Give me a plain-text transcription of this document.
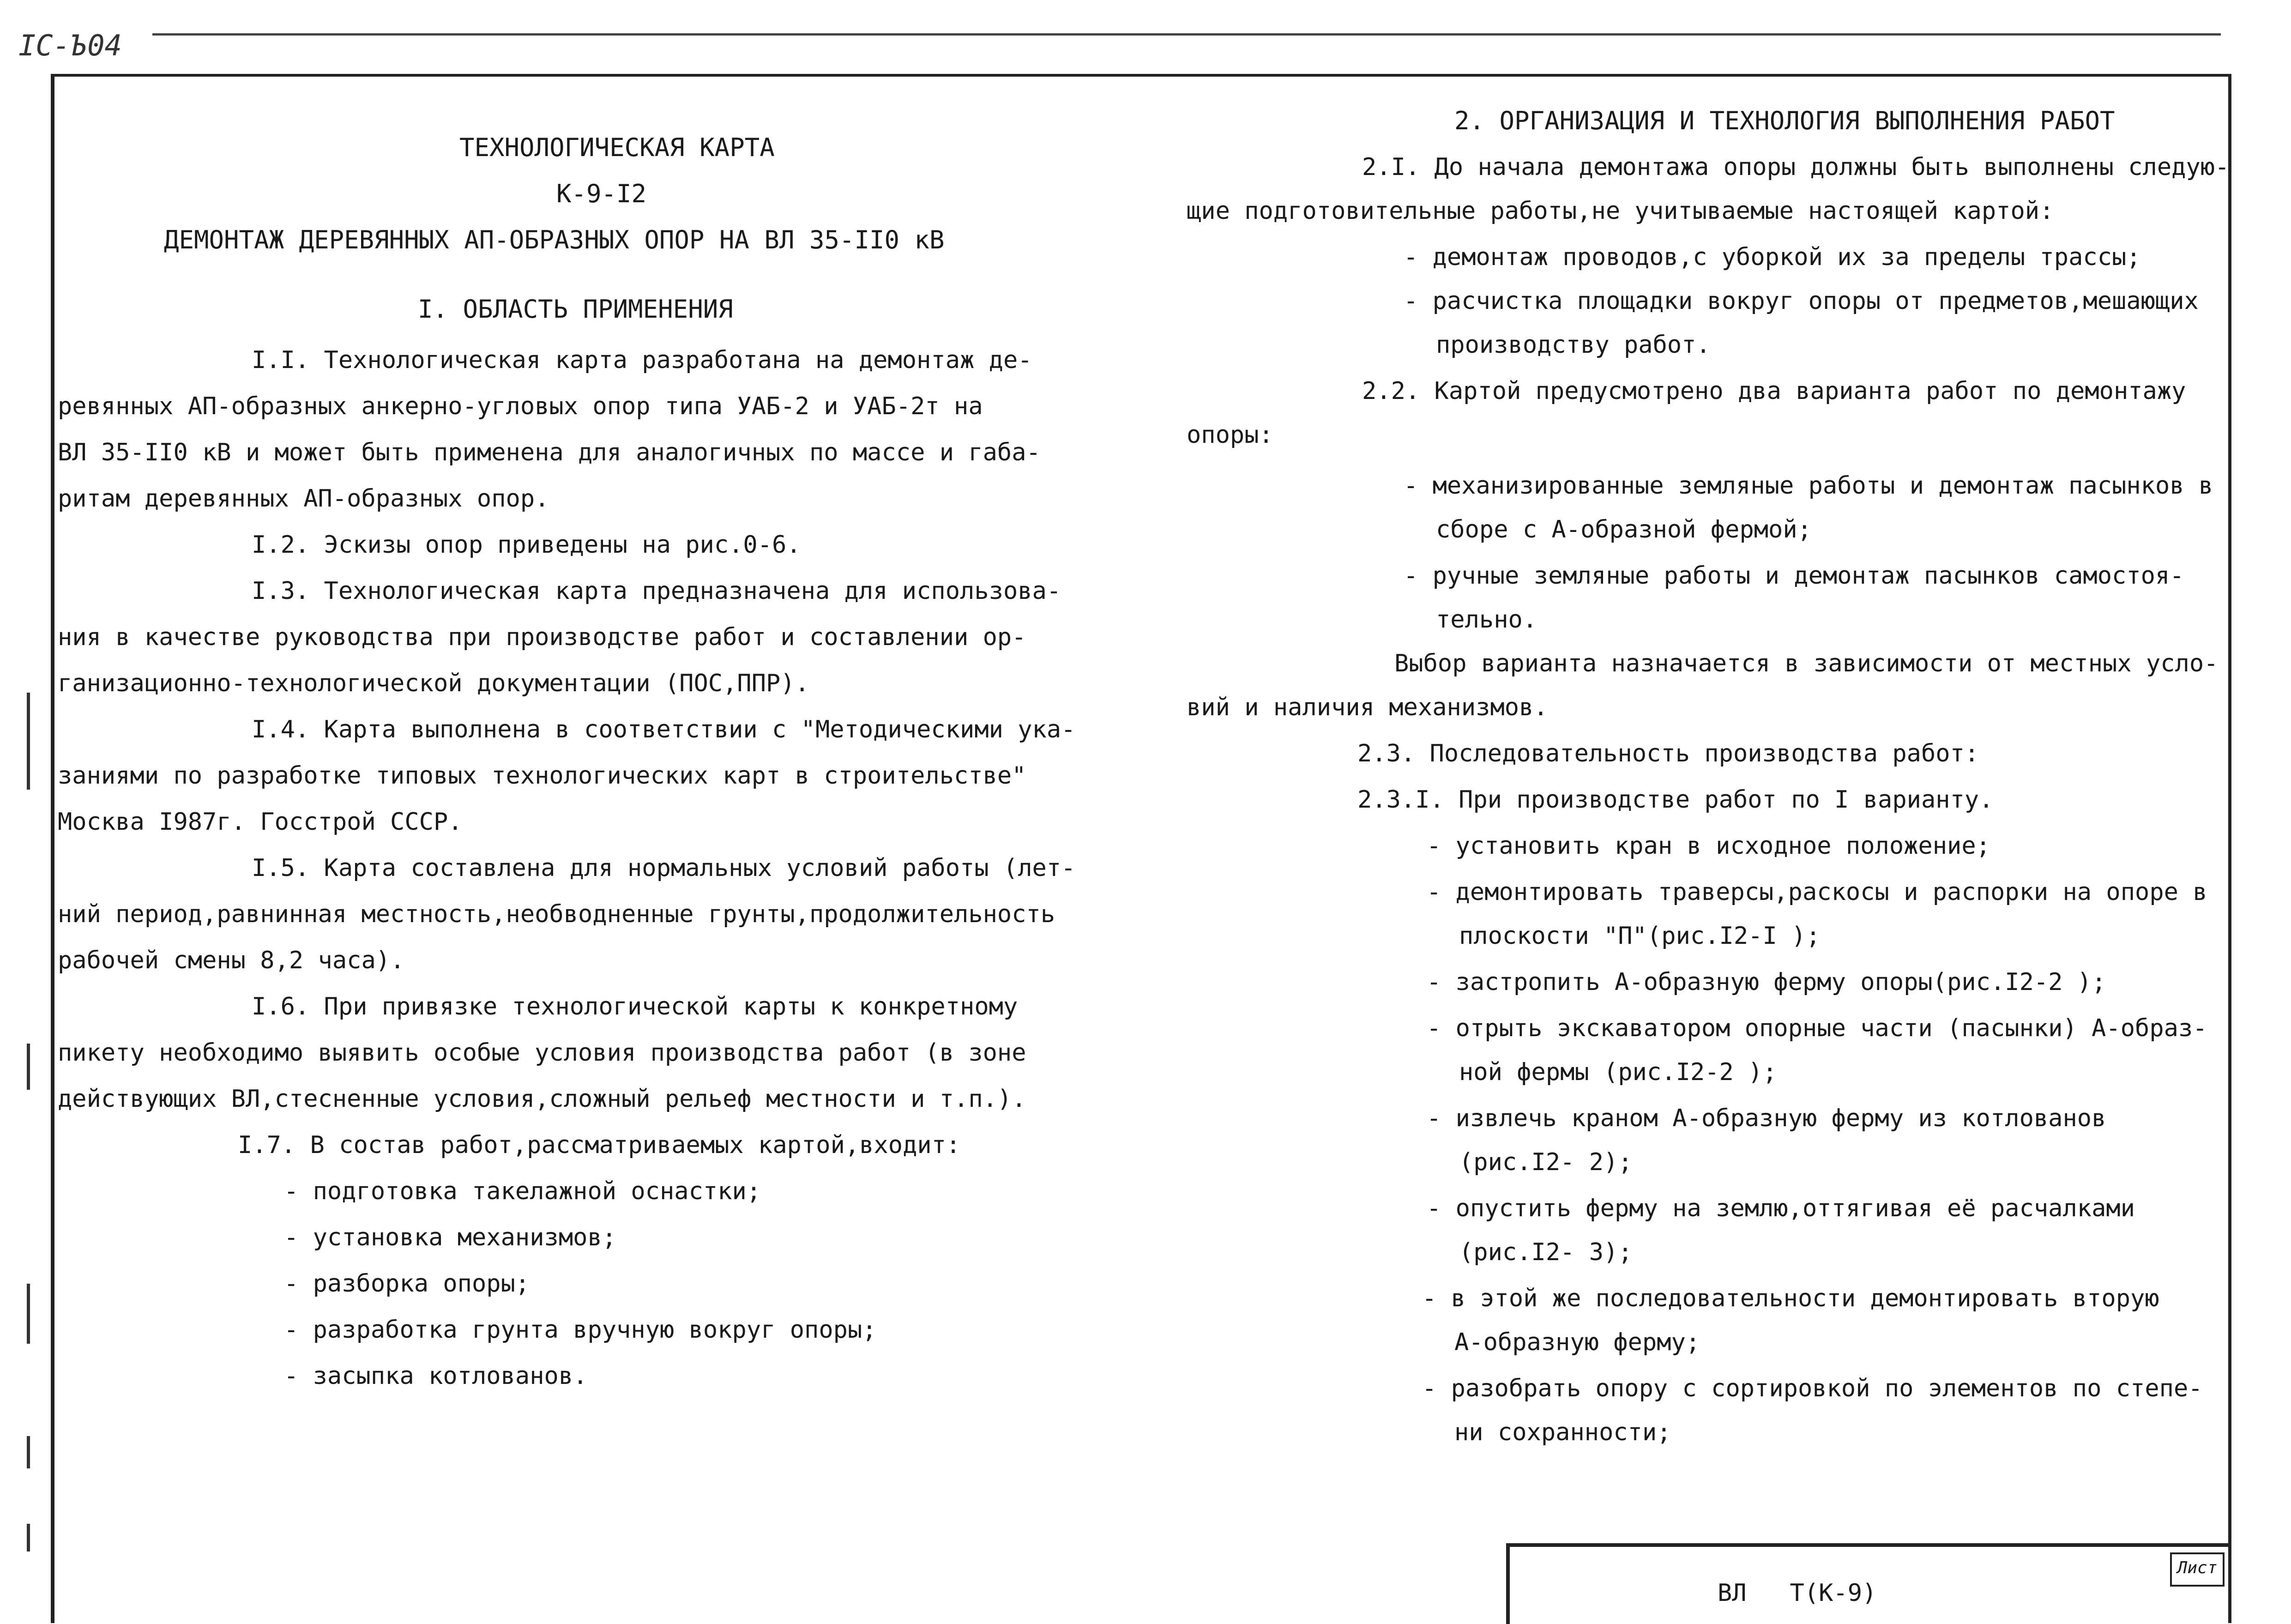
ІС-Ъ04
ТЕХНОЛОГИЧЕСКАЯ КАРТА
К-9-I2
ДЕМОНТАЖ ДЕРЕВЯННЫХ АП-ОБРАЗНЫХ ОПОР НА ВЛ 35-II0 кВ
I. ОБЛАСТЬ ПРИМЕНЕНИЯ
I.I. Технологическая карта разработана на демонтаж де-
ревянных АП-образных анкерно-угловых опор типа УАБ-2 и УАБ-2т на
ВЛ 35-II0 кВ и может быть применена для аналогичных по массе и габа-
ритам деревянных АП-образных опор.
I.2. Эскизы опор приведены на рис.0-6.
I.3. Технологическая карта предназначена для использова-
ния в качестве руководства при производстве работ и составлении ор-
ганизационно-технологической документации (ПОС,ППР).
I.4. Карта выполнена в соответствии с "Методическими ука-
заниями по разработке типовых технологических карт в строительстве"
Москва I987г. Госстрой СССР.
I.5. Карта составлена для нормальных условий работы (лет-
ний период,равнинная местность,необводненные грунты,продолжительность
рабочей смены 8,2 часа).
I.6. При привязке технологической карты к конкретному
пикету необходимо выявить особые условия производства работ (в зоне
действующих ВЛ,стесненные условия,сложный рельеф местности и т.п.).
I.7. В состав работ,рассматриваемых картой,входит:
- подготовка такелажной оснастки;
- установка механизмов;
- разборка опоры;
- разработка грунта вручную вокруг опоры;
- засыпка котлованов.
2. ОРГАНИЗАЦИЯ И ТЕХНОЛОГИЯ ВЫПОЛНЕНИЯ РАБОТ
2.I. До начала демонтажа опоры должны быть выполнены следую-
щие подготовительные работы,не учитываемые настоящей картой:
- демонтаж проводов,с уборкой их за пределы трассы;
- расчистка площадки вокруг опоры от предметов,мешающих
производству работ.
2.2. Картой предусмотрено два варианта работ по демонтажу
опоры:
- механизированные земляные работы и демонтаж пасынков в
сборе с А-образной фермой;
- ручные земляные работы и демонтаж пасынков самостоя-
тельно.
Выбор варианта назначается в зависимости от местных усло-
вий и наличия механизмов.
2.3. Последовательность производства работ:
2.3.I. При производстве работ по I варианту.
- установить кран в исходное положение;
- демонтировать траверсы,раскосы и распорки на опоре в
плоскости "П"(рис.I2-I );
- застропить А-образную ферму опоры(рис.I2-2 );
- отрыть экскаватором опорные части (пасынки) А-образ-
ной фермы (рис.I2-2 );
- извлечь краном А-образную ферму из котлованов
(рис.I2- 2);
- опустить ферму на землю,оттягивая её расчалками
(рис.I2- 3);
- в этой же последовательности демонтировать вторую
А-образную ферму;
- разобрать опору с сортировкой по элементов по степе-
ни сохранности;
ВЛ   Т(К-9)
Лист
